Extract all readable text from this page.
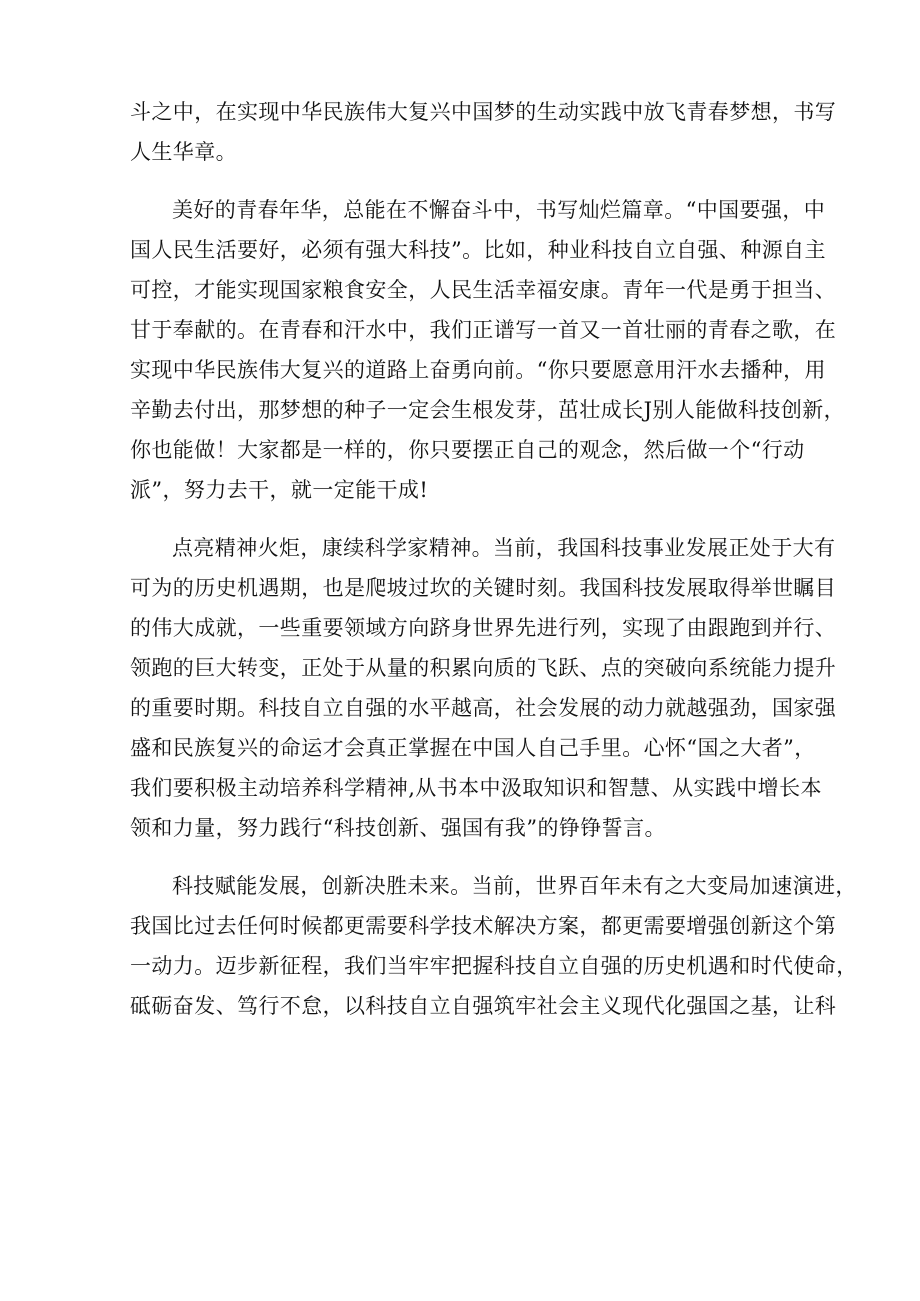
斗之中，在实现中华民族伟大复兴中国梦的生动实践中放飞青春梦想，书写
人生华章。
美好的青春年华，总能在不懈奋斗中，书写灿烂篇章。“中国要强，中
国人民生活要好，必须有强大科技”。比如，种业科技自立自强、种源自主
可控，才能实现国家粮食安全，人民生活幸福安康。青年一代是勇于担当、
甘于奉献的。在青春和汗水中，我们正谱写一首又一首壮丽的青春之歌，在
实现中华民族伟大复兴的道路上奋勇向前。“你只要愿意用汗水去播种，用
辛勤去付出，那梦想的种子一定会生根发芽，茁壮成长J别人能做科技创新，
你也能做！大家都是一样的，你只要摆正自己的观念，然后做一个“行动
派”，努力去干，就一定能干成!
点亮精神火炬，康续科学家精神。当前，我国科技事业发展正处于大有
可为的历史机遇期，也是爬坡过坎的关键时刻。我国科技发展取得举世瞩目
的伟大成就，一些重要领域方向跻身世界先进行列，实现了由跟跑到并行、
领跑的巨大转变，正处于从量的积累向质的飞跃、点的突破向系统能力提升
的重要时期。科技自立自强的水平越高，社会发展的动力就越强劲，国家强
盛和民族复兴的命运才会真正掌握在中国人自己手里。心怀“国之大者”，
我们要积极主动培养科学精神,从书本中汲取知识和智慧、从实践中增长本
领和力量，努力践行“科技创新、强国有我”的铮铮誓言。
科技赋能发展，创新决胜未来。当前，世界百年未有之大变局加速演进，
我国比过去任何时候都更需要科学技术解决方案，都更需要增强创新这个第
一动力。迈步新征程，我们当牢牢把握科技自立自强的历史机遇和时代使命，
砥砺奋发、笃行不怠，以科技自立自强筑牢社会主义现代化强国之基，让科
